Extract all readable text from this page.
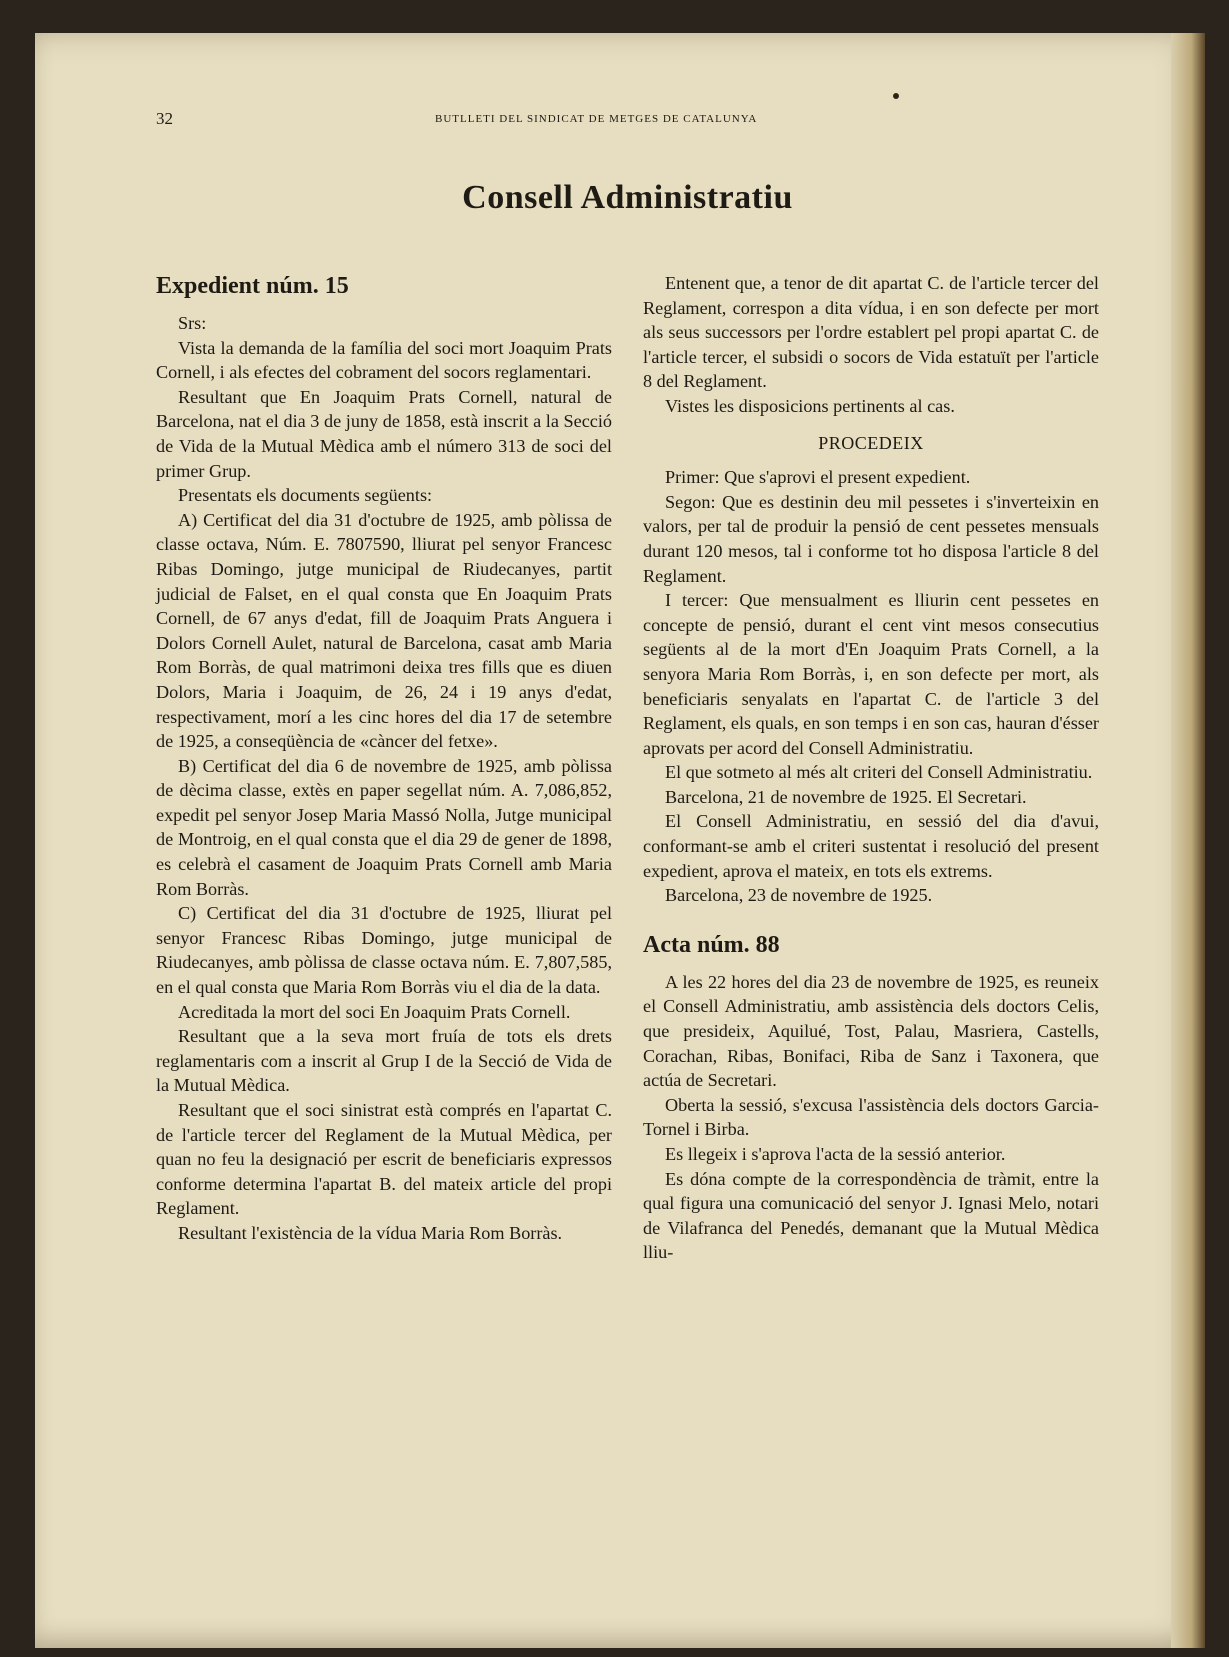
32	BUTLLETI DEL SINDICAT DE METGES DE CATALUNYA
Consell Administratiu
Expedient núm. 15

Srs:

Vista la demanda de la família del soci mort Joaquim Prats Cornell, i als efectes del cobrament del socors reglamentari.

Resultant que En Joaquim Prats Cornell, natural de Barcelona, nat el dia 3 de juny de 1858, està inscrit a la Secció de Vida de la Mutual Mèdica amb el número 313 de soci del primer Grup.

Presentats els documents següents:

A) Certificat del dia 31 d'octubre de 1925, amb pòlissa de classe octava, Núm. E. 7807590, lliurat pel senyor Francesc Ribas Domingo, jutge municipal de Riudecanyes, partit judicial de Falset, en el qual consta que En Joaquim Prats Cornell, de 67 anys d'edat, fill de Joaquim Prats Anguera i Dolors Cornell Aulet, natural de Barcelona, casat amb Maria Rom Borràs, de qual matrimoni deixa tres fills que es diuen Dolors, Maria i Joaquim, de 26, 24 i 19 anys d'edat, respectivament, morí a les cinc hores del dia 17 de setembre de 1925, a conseqüència de «càncer del fetxe».

B) Certificat del dia 6 de novembre de 1925, amb pòlissa de dècima classe, extès en paper segellat núm. A. 7,086,852, expedit pel senyor Josep Maria Massó Nolla, Jutge municipal de Montroig, en el qual consta que el dia 29 de gener de 1898, es celebrà el casament de Joaquim Prats Cornell amb Maria Rom Borràs.

C) Certificat del dia 31 d'octubre de 1925, lliurat pel senyor Francesc Ribas Domingo, jutge municipal de Riudecanyes, amb pòlissa de classe octava núm. E. 7,807,585, en el qual consta que Maria Rom Borràs viu el dia de la data.

Acreditada la mort del soci En Joaquim Prats Cornell.

Resultant que a la seva mort fruía de tots els drets reglamentaris com a inscrit al Grup I de la Secció de Vida de la Mutual Mèdica.

Resultant que el soci sinistrat està comprés en l'apartat C. de l'article tercer del Reglament de la Mutual Mèdica, per quan no feu la designació per escrit de beneficiaris expressos conforme determina l'apartat B. del mateix article del propi Reglament.

Resultant l'existència de la vídua Maria Rom Borràs.

Entenent que, a tenor de dit apartat C. de l'article tercer del Reglament, correspon a dita vídua, i en son defecte per mort als seus successors per l'ordre establert pel propi apartat C. de l'article tercer, el subsidi o socors de Vida estatuït per l'article 8 del Reglament.

Vistes les disposicions pertinents al cas.

PROCEDEIX

Primer: Que s'aprovi el present expedient.

Segon: Que es destinin deu mil pessetes i s'inverteixin en valors, per tal de produir la pensió de cent pessetes mensuals durant 120 mesos, tal i conforme tot ho disposa l'article 8 del Reglament.

I tercer: Que mensualment es lliurin cent pessetes en concepte de pensió, durant el cent vint mesos consecutius següents al de la mort d'En Joaquim Prats Cornell, a la senyora Maria Rom Borràs, i, en son defecte per mort, als beneficiaris senyalats en l'apartat C. de l'article 3 del Reglament, els quals, en son temps i en son cas, hauran d'ésser aprovats per acord del Consell Administratiu.

El que sotmeto al més alt criteri del Consell Administratiu.

Barcelona, 21 de novembre de 1925. El Secretari.

El Consell Administratiu, en sessió del dia d'avui, conformant-se amb el criteri sustentat i resolució del present expedient, aprova el mateix, en tots els extrems.

Barcelona, 23 de novembre de 1925.

Acta núm. 88

A les 22 hores del dia 23 de novembre de 1925, es reuneix el Consell Administratiu, amb assistència dels doctors Celis, que presideix, Aquilué, Tost, Palau, Masriera, Castells, Corachan, Ribas, Bonifaci, Riba de Sanz i Taxonera, que actúa de Secretari.

Oberta la sessió, s'excusa l'assistència dels doctors Garcia-Tornel i Birba.

Es llegeix i s'aprova l'acta de la sessió anterior.

Es dóna compte de la correspondència de tràmit, entre la qual figura una comunicació del senyor J. Ignasi Melo, notari de Vilafranca del Penedés, demanant que la Mutual Mèdica lliu-
